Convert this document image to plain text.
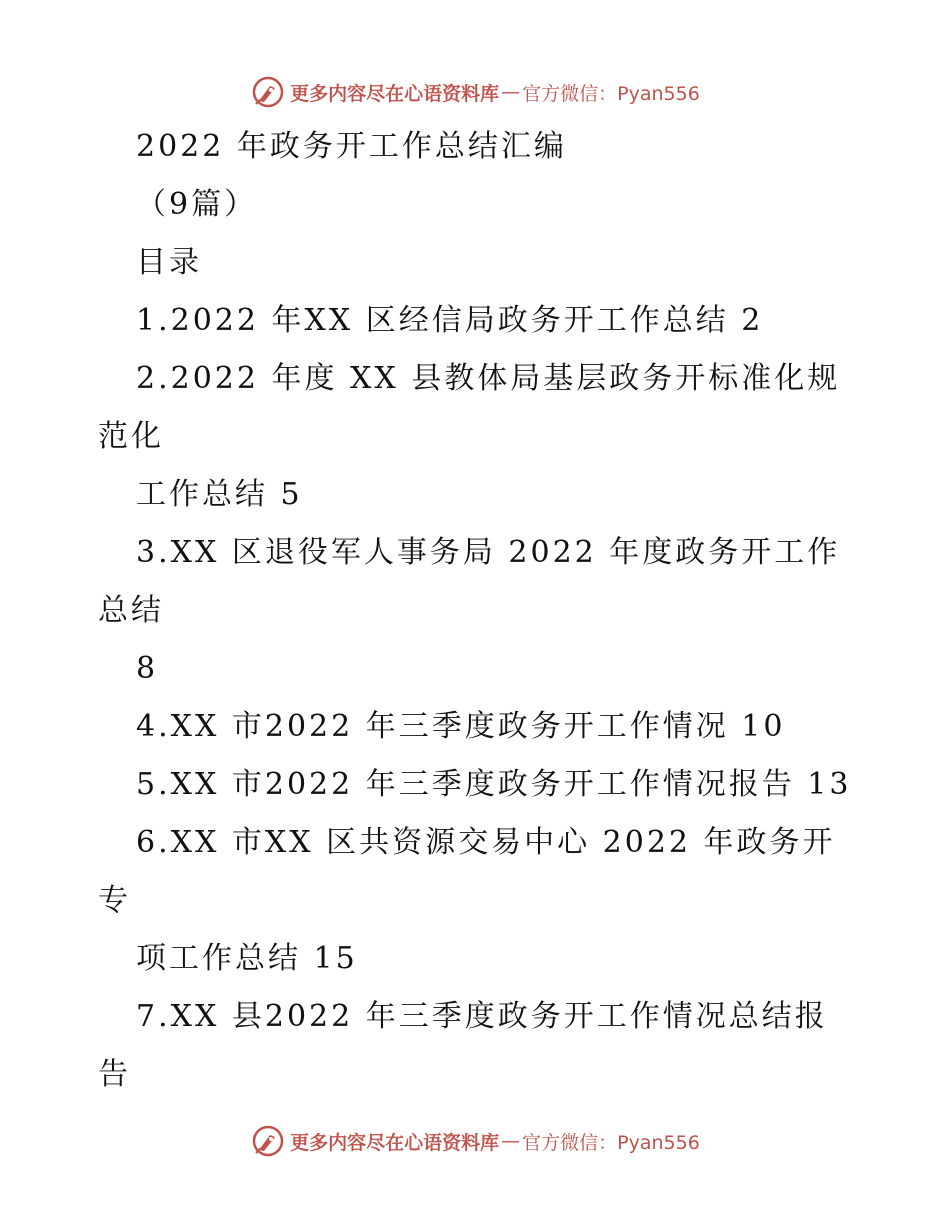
更多内容尽在心语资料库 — 官方微信：Pyan556
2022 年政务开工作总结汇编
（9篇）
目录
1.2022 年XX 区经信局政务开工作总结 2
2.2022 年度 XX 县教体局基层政务开标准化规
范化
工作总结 5
3.XX 区退役军人事务局 2022 年度政务开工作
总结
8
4.XX 市2022 年三季度政务开工作情况 10
5.XX 市2022 年三季度政务开工作情况报告 13
6.XX 市XX 区共资源交易中心 2022 年政务开
专
项工作总结 15
7.XX 县2022 年三季度政务开工作情况总结报
告
更多内容尽在心语资料库 — 官方微信：Pyan556
